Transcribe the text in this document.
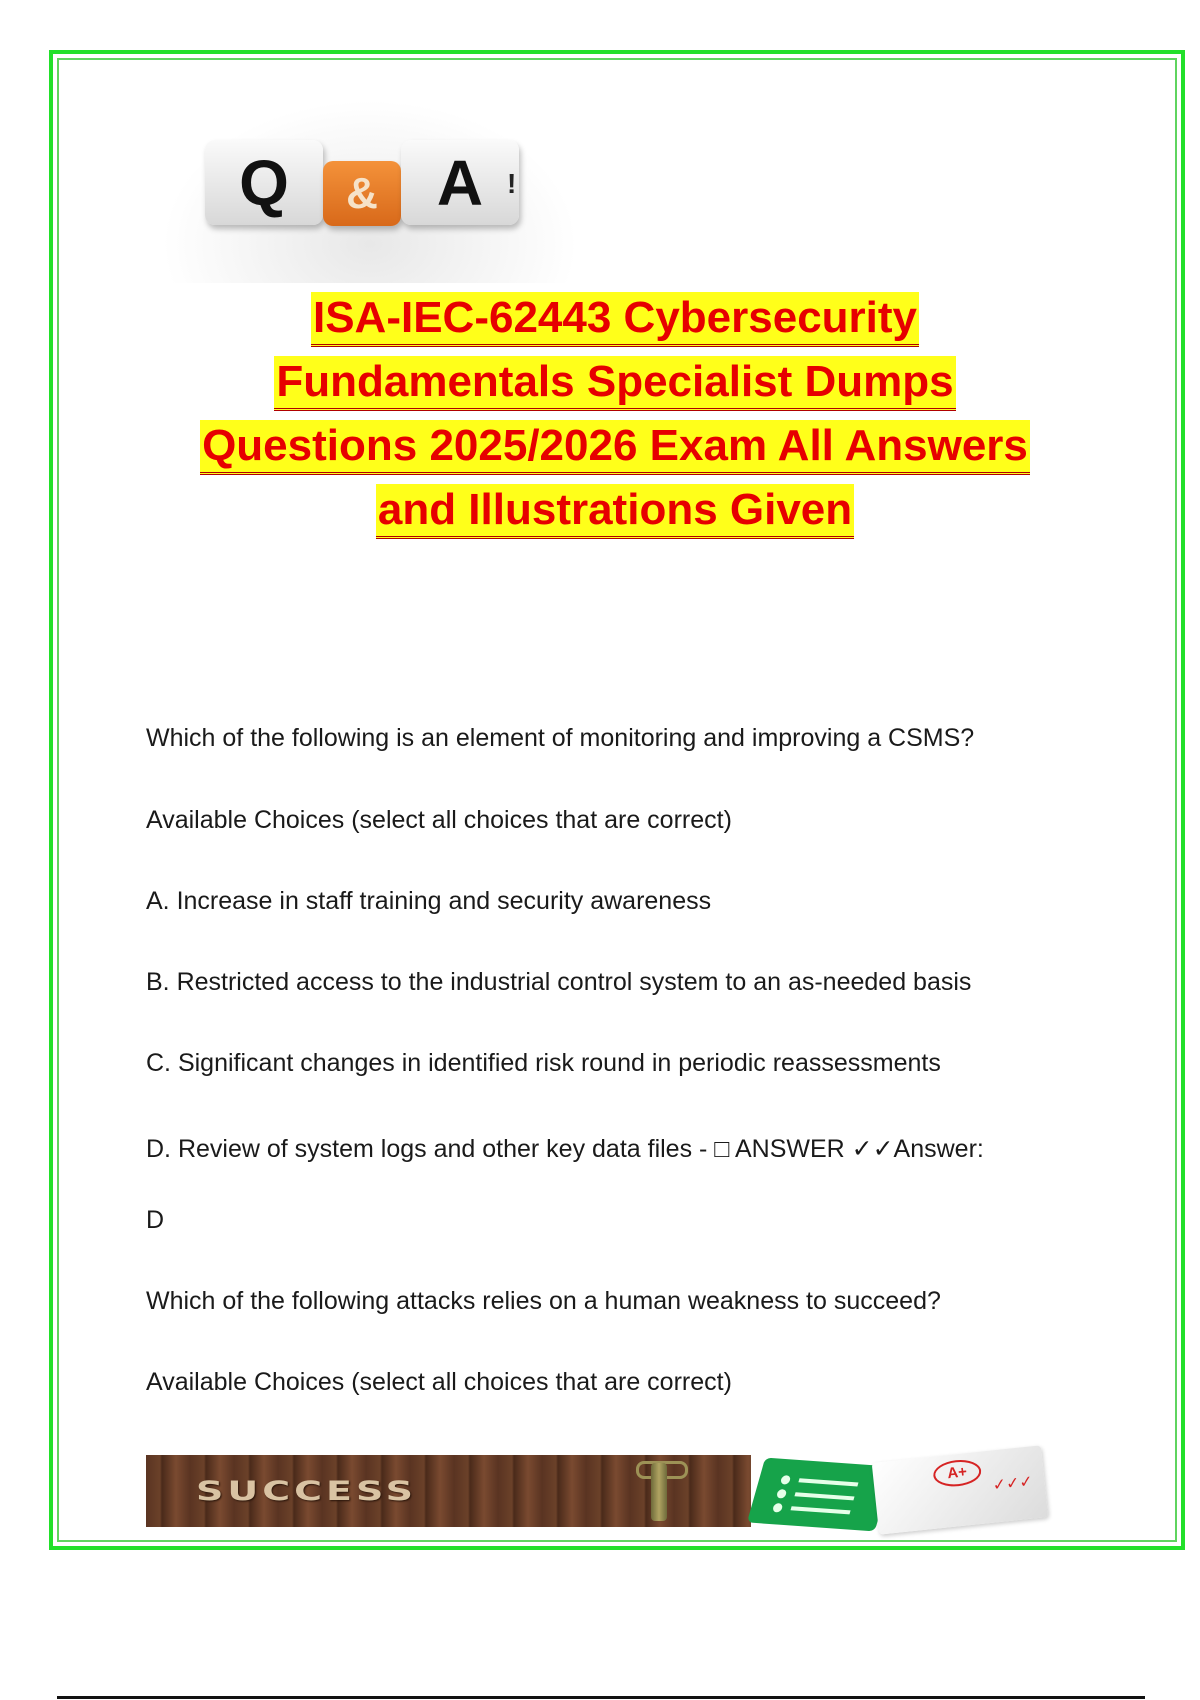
Q	& A !
ISA-IEC-62443 Cybersecurity
Fundamentals Specialist Dumps
Questions 2025/2026 Exam All Answers
and Illustrations Given
Which of the following is an element of monitoring and improving a CSMS?
Available Choices (select all choices that are correct)
A. Increase in staff training and security awareness
B. Restricted access to the industrial control system to an as-needed basis
C. Significant changes in identified risk round in periodic reassessments
D. Review of system logs and other key data files - □ ANSWER ✓✓Answer:
D
Which of the following attacks relies on a human weakness to succeed?
Available Choices (select all choices that are correct)
SUCCESS
A+
✓✓✓
